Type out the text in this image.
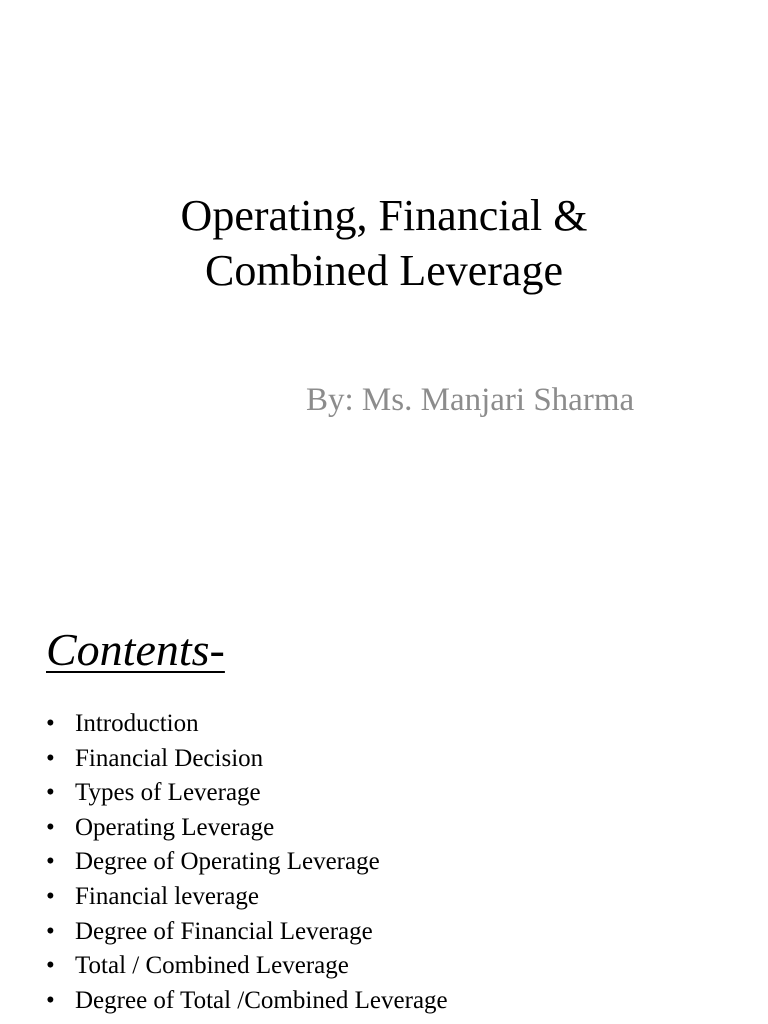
Operating, Financial &
Combined Leverage

By: Ms. Manjari Sharma

Contents-
• Introduction
• Financial Decision
• Types of Leverage
• Operating Leverage
• Degree of Operating Leverage
• Financial leverage
• Degree of Financial Leverage
• Total / Combined Leverage
• Degree of Total /Combined Leverage
